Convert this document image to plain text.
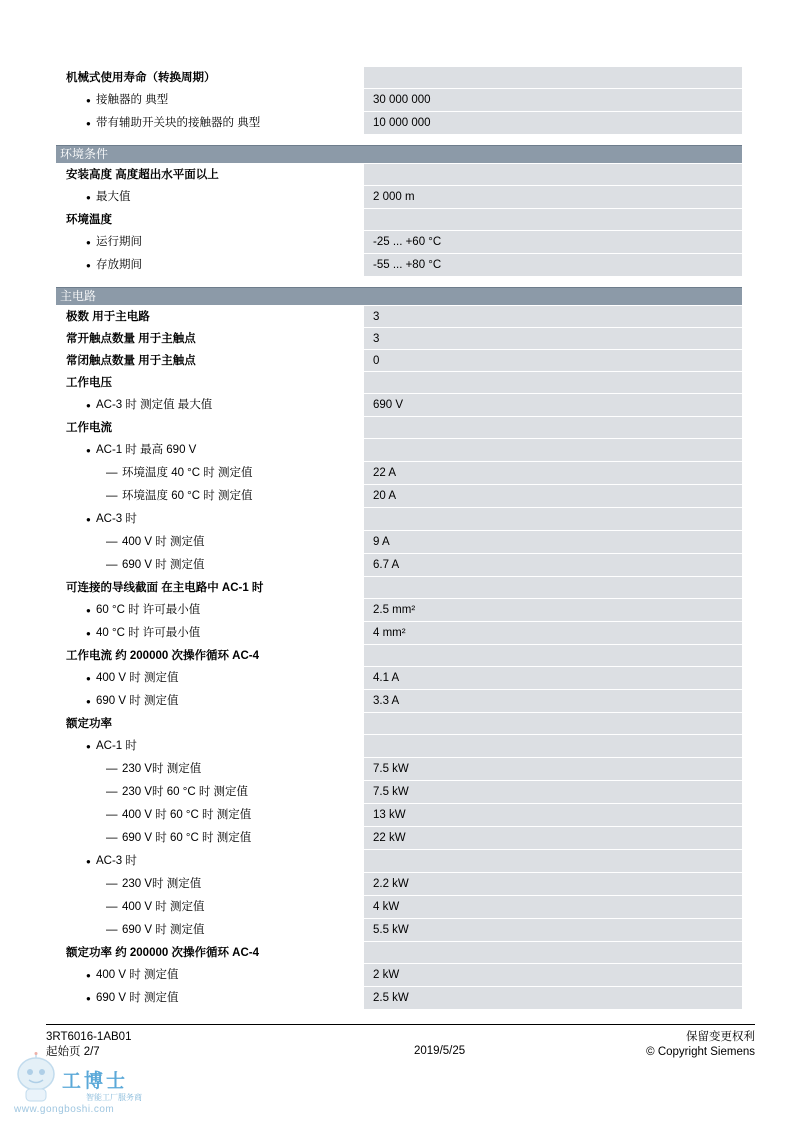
机械式使用寿命（转换周期）
● 接触器的 典型	30 000 000
● 带有辅助开关块的接触器的 典型	10 000 000
环境条件
安装高度 高度超出水平面以上
● 最大值	2 000 m
环境温度
● 运行期间	-25 ... +60 °C
● 存放期间	-55 ... +80 °C
主电路
极数 用于主电路	3
常开触点数量 用于主触点	3
常闭触点数量 用于主触点	0
工作电压
● AC-3 时 测定值 最大值	690 V
工作电流
● AC-1 时 最高 690 V
— 环境温度 40 °C 时 测定值	22 A
— 环境温度 60 °C 时 测定值	20 A
● AC-3 时
— 400 V 时 测定值	9 A
— 690 V 时 测定值	6.7 A
可连接的导线截面 在主电路中 AC-1 时
● 60 °C 时 许可最小值	2.5 mm²
● 40 °C 时 许可最小值	4 mm²
工作电流 约 200000 次操作循环 AC-4
● 400 V 时 测定值	4.1 A
● 690 V 时 测定值	3.3 A
额定功率
● AC-1 时
— 230 V时 测定值	7.5 kW
— 230 V时 60 °C 时 测定值	7.5 kW
— 400 V 时 60 °C 时 测定值	13 kW
— 690 V 时 60 °C 时 测定值	22 kW
● AC-3 时
— 230 V时 测定值	2.2 kW
— 400 V 时 测定值	4 kW
— 690 V 时 测定值	5.5 kW
额定功率 约 200000 次操作循环 AC-4
● 400 V 时 测定值	2 kW
● 690 V 时 测定值	2.5 kW
3RT6016-1AB01
起始页 2/7	2019/5/25
保留变更权利
© Copyright Siemens
工博士
智能工厂服务商
www.gongboshi.com
